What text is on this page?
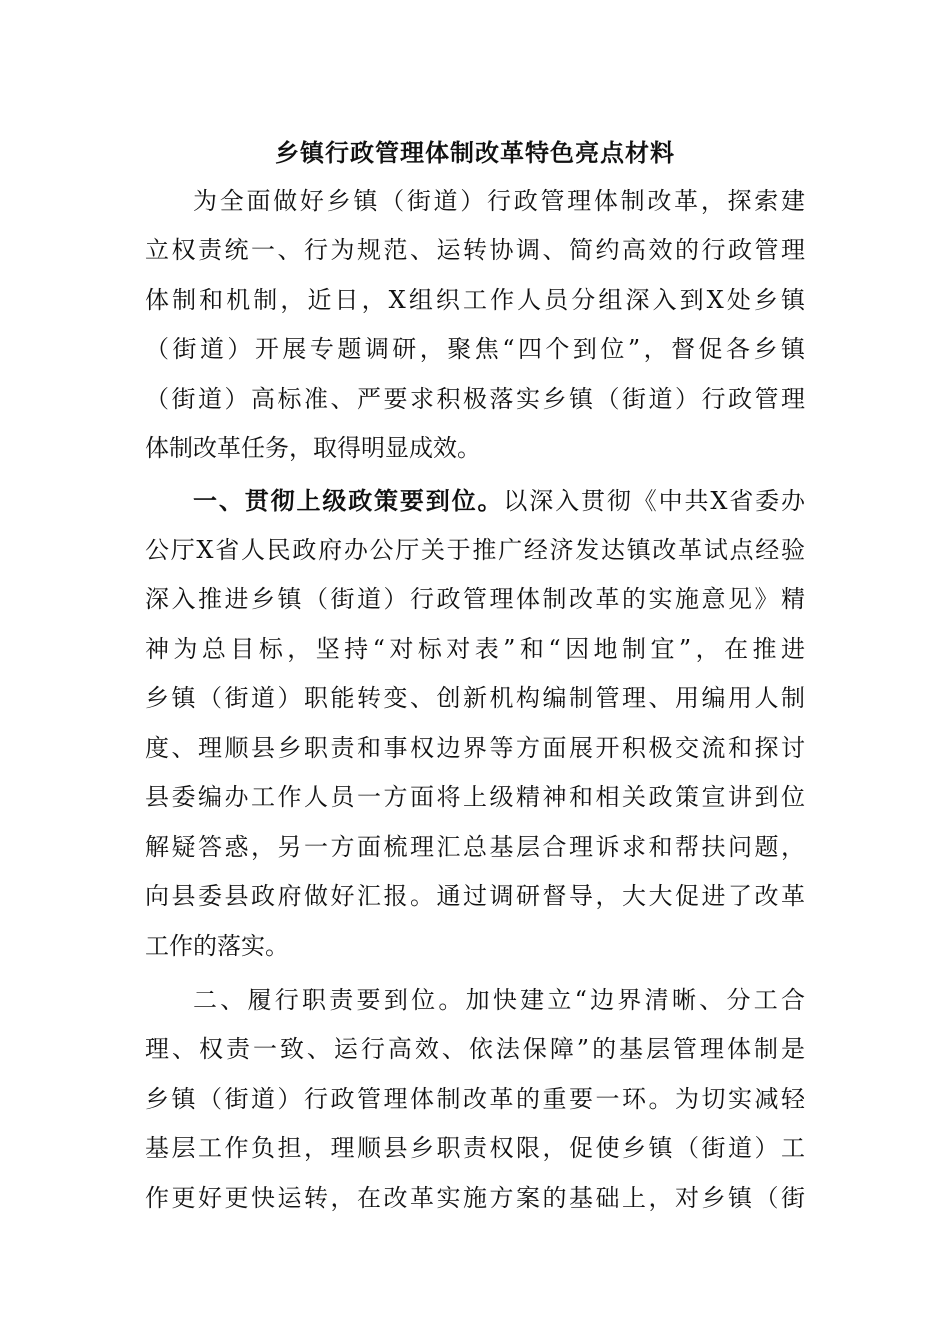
乡镇行政管理体制改革特色亮点材料
为全面做好乡镇（街道）行政管理体制改革，探索建
立权责统一、行为规范、运转协调、简约高效的行政管理
体制和机制，近日，X组织工作人员分组深入到X处乡镇
（街道）开展专题调研，聚焦“四个到位”，督促各乡镇
（街道）高标准、严要求积极落实乡镇（街道）行政管理
体制改革任务，取得明显成效。
一、贯彻上级政策要到位。以深入贯彻《中共X省委办
公厅X省人民政府办公厅关于推广经济发达镇改革试点经验
深入推进乡镇（街道）行政管理体制改革的实施意见》精
神为总目标，坚持“对标对表”和“因地制宜”，在推进
乡镇（街道）职能转变、创新机构编制管理、用编用人制
度、理顺县乡职责和事权边界等方面展开积极交流和探讨
县委编办工作人员一方面将上级精神和相关政策宣讲到位
解疑答惑，另一方面梳理汇总基层合理诉求和帮扶问题，
向县委县政府做好汇报。通过调研督导，大大促进了改革
工作的落实。
二、履行职责要到位。加快建立“边界清晰、分工合
理、权责一致、运行高效、依法保障”的基层管理体制是
乡镇（街道）行政管理体制改革的重要一环。为切实减轻
基层工作负担，理顺县乡职责权限，促使乡镇（街道）工
作更好更快运转，在改革实施方案的基础上，对乡镇（街
